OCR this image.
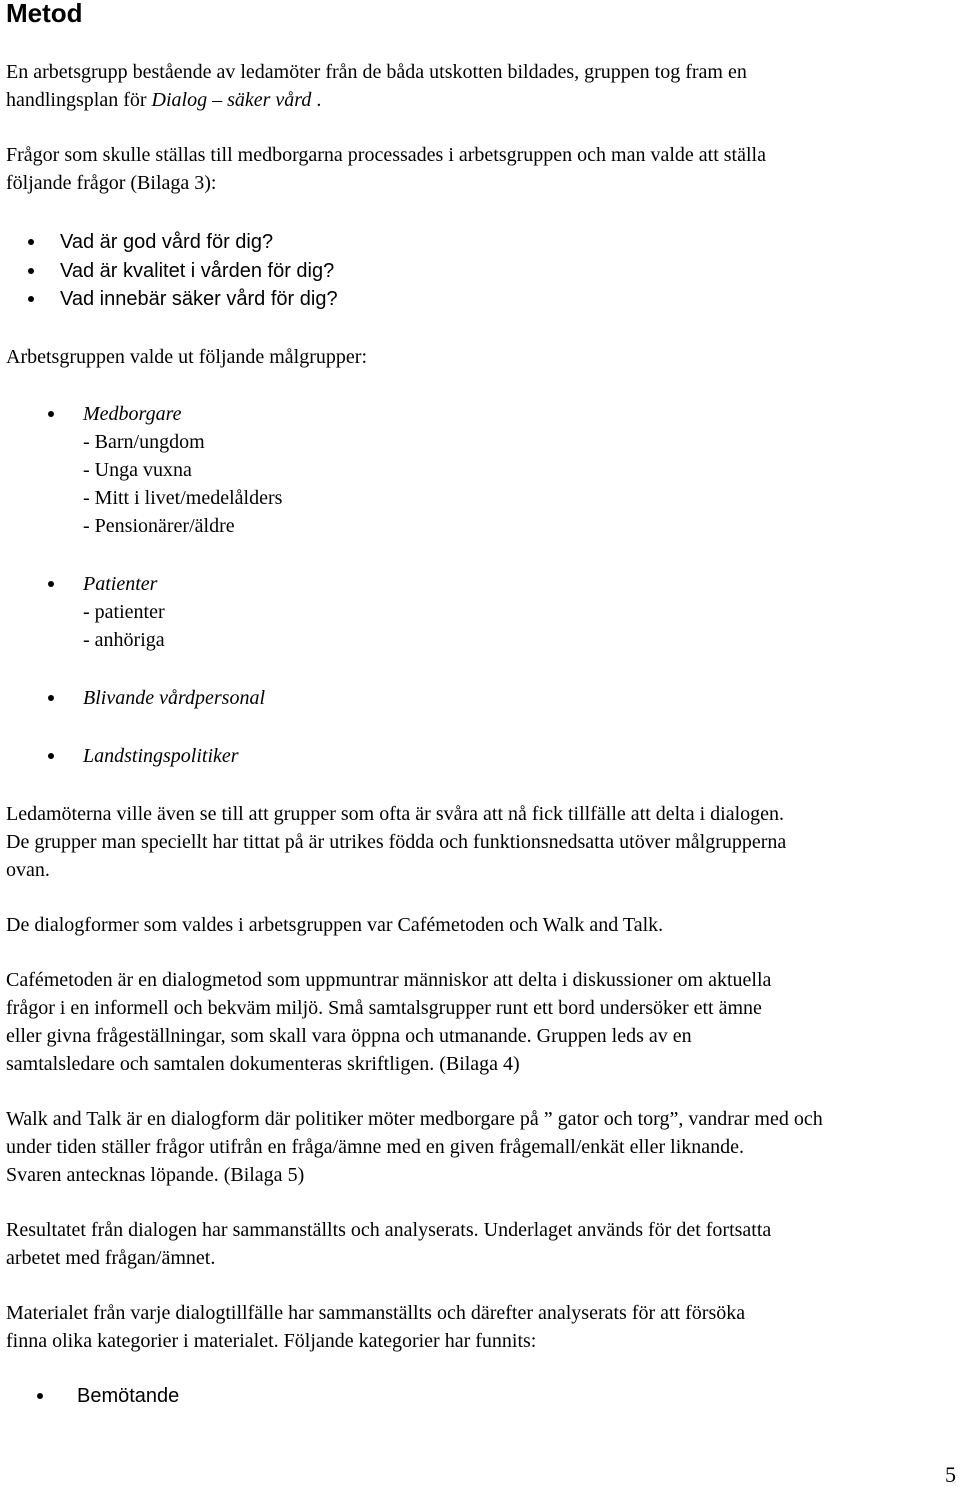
Metod

En arbetsgrupp bestående av ledamöter från de båda utskotten bildades, gruppen tog fram en
handlingsplan för Dialog – säker vård .

Frågor som skulle ställas till medborgarna processades i arbetsgruppen och man valde att ställa
följande frågor (Bilaga 3):

Vad är god vård för dig?
Vad är kvalitet i vården för dig?
Vad innebär säker vård för dig?

Arbetsgruppen valde ut följande målgrupper:

Medborgare
- Barn/ungdom
- Unga vuxna
- Mitt i livet/medelålders
- Pensionärer/äldre
Patienter
- patienter
- anhöriga
Blivande vårdpersonal
Landstingspolitiker

Ledamöterna ville även se till att grupper som ofta är svåra att nå fick tillfälle att delta i dialogen.
De grupper man speciellt har tittat på är utrikes födda och funktionsnedsatta utöver målgrupperna
ovan.

De dialogformer som valdes i arbetsgruppen var Cafémetoden och Walk and Talk.

Cafémetoden är en dialogmetod som uppmuntrar människor att delta i diskussioner om aktuella
frågor i en informell och bekväm miljö. Små samtalsgrupper runt ett bord undersöker ett ämne
eller givna frågeställningar, som skall vara öppna och utmanande. Gruppen leds av en
samtalsledare och samtalen dokumenteras skriftligen. (Bilaga 4)

Walk and Talk är en dialogform där politiker möter medborgare på ” gator och torg”, vandrar med och
under tiden ställer frågor utifrån en fråga/ämne med en given frågemall/enkät eller liknande.
Svaren antecknas löpande. (Bilaga 5)

Resultatet från dialogen har sammanställts och analyserats. Underlaget används för det fortsatta
arbetet med frågan/ämnet.

Materialet från varje dialogtillfälle har sammanställts och därefter analyserats för att försöka
finna olika kategorier i materialet. Följande kategorier har funnits:

Bemötande
5
